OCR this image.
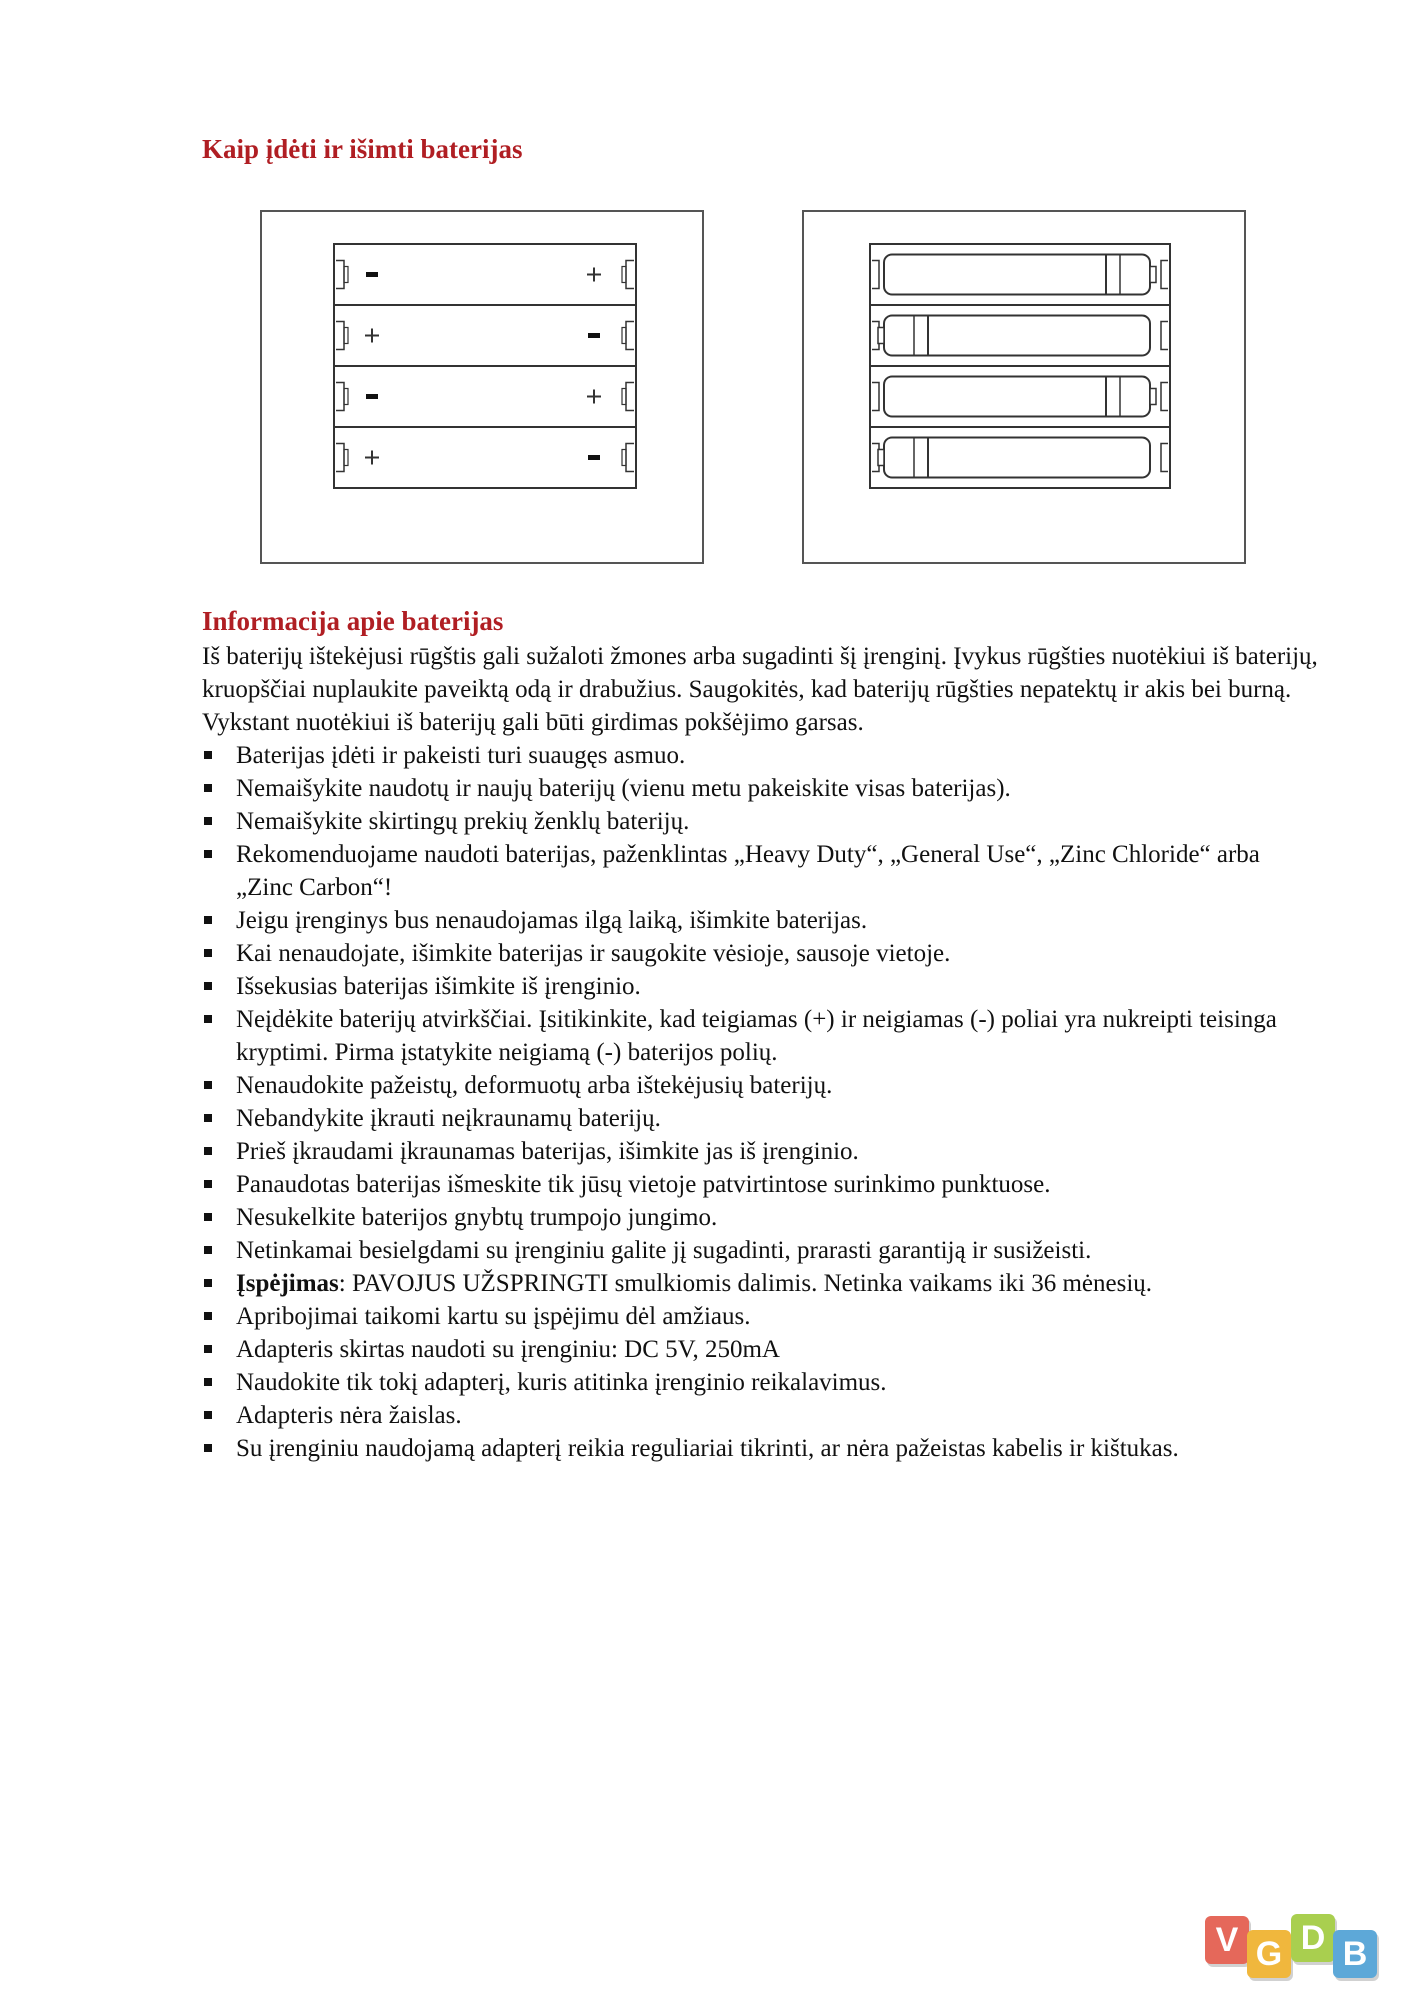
Kaip įdėti ir išimti baterijas
Informacija apie baterijas

Iš baterijų ištekėjusi rūgštis gali sužaloti žmones arba sugadinti šį įrenginį. Įvykus rūgšties nuotėkiui iš baterijų, kruopščiai nuplaukite paveiktą odą ir drabužius. Saugokitės, kad baterijų rūgšties nepatektų ir akis bei burną. Vykstant nuotėkiui iš baterijų gali būti girdimas pokšėjimo garsas.

Baterijas įdėti ir pakeisti turi suaugęs asmuo.
Nemaišykite naudotų ir naujų baterijų (vienu metu pakeiskite visas baterijas).
Nemaišykite skirtingų prekių ženklų baterijų.
Rekomenduojame naudoti baterijas, paženklintas „Heavy Duty“, „General Use“, „Zinc Chloride“ arba „Zinc Carbon“!
Jeigu įrenginys bus nenaudojamas ilgą laiką, išimkite baterijas.
Kai nenaudojate, išimkite baterijas ir saugokite vėsioje, sausoje vietoje.
Išsekusias baterijas išimkite iš įrenginio.
Neįdėkite baterijų atvirkščiai. Įsitikinkite, kad teigiamas (+) ir neigiamas (-) poliai yra nukreipti teisinga kryptimi. Pirma įstatykite neigiamą (-) baterijos polių.
Nenaudokite pažeistų, deformuotų arba ištekėjusių baterijų.
Nebandykite įkrauti neįkraunamų baterijų.
Prieš įkraudami įkraunamas baterijas, išimkite jas iš įrenginio.
Panaudotas baterijas išmeskite tik jūsų vietoje patvirtintose surinkimo punktuose.
Nesukelkite baterijos gnybtų trumpojo jungimo.
Netinkamai besielgdami su įrenginiu galite jį sugadinti, prarasti garantiją ir susižeisti.
Įspėjimas: PAVOJUS UŽSPRINGTI smulkiomis dalimis. Netinka vaikams iki 36 mėnesių.
Apribojimai taikomi kartu su įspėjimu dėl amžiaus.
Adapteris skirtas naudoti su įrenginiu: DC 5V, 250mA
Naudokite tik tokį adapterį, kuris atitinka įrenginio reikalavimus.
Adapteris nėra žaislas.
Su įrenginiu naudojamą adapterį reikia reguliariai tikrinti, ar nėra pažeistas kabelis ir kištukas.
V G D B
